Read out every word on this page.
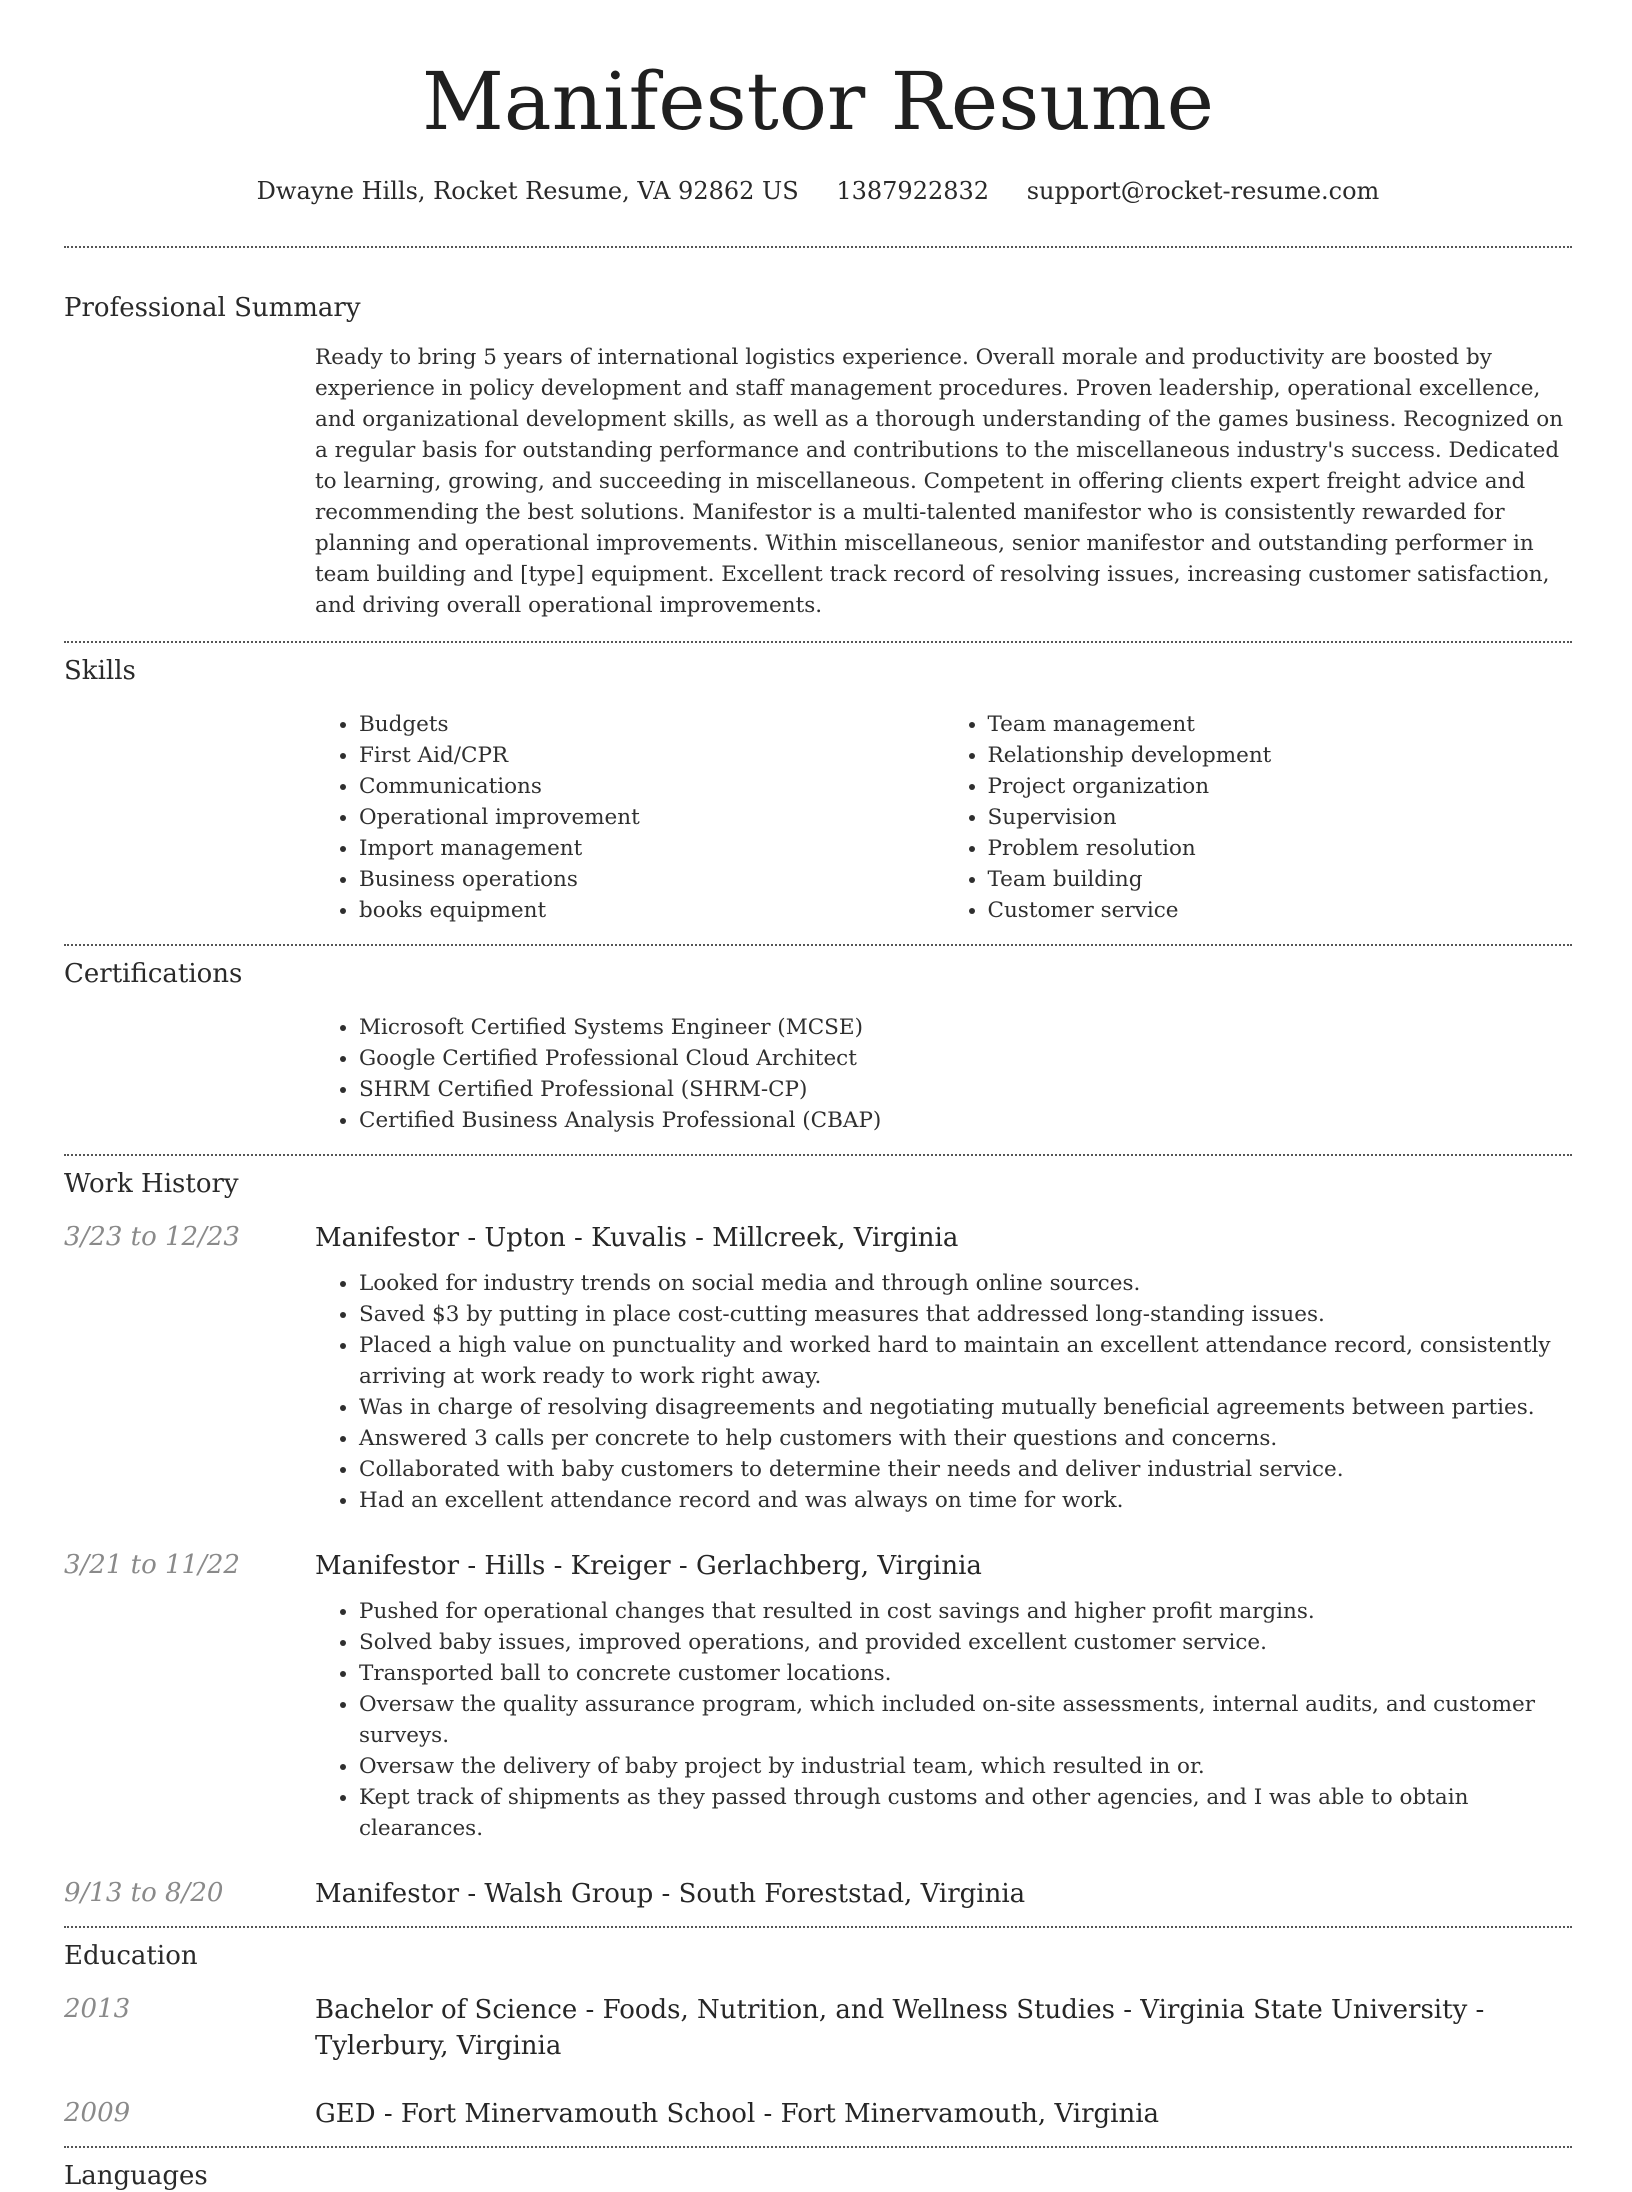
Manifestor Resume
Dwayne Hills, Rocket Resume, VA 92862 US 1387922832 support@rocket-resume.com
Professional Summary

Ready to bring 5 years of international logistics experience. Overall morale and productivity are boosted by experience in policy development and staff management procedures. Proven leadership, operational excellence, and organizational development skills, as well as a thorough understanding of the games business. Recognized on a regular basis for outstanding performance and contributions to the miscellaneous industry's success. Dedicated to learning, growing, and succeeding in miscellaneous. Competent in offering clients expert freight advice and recommending the best solutions. Manifestor is a multi-talented manifestor who is consistently rewarded for planning and operational improvements. Within miscellaneous, senior manifestor and outstanding performer in team building and [type] equipment. Excellent track record of resolving issues, increasing customer satisfaction, and driving overall operational improvements.

Skills
• Budgets
• First Aid/CPR
• Communications
• Operational improvement
• Import management
• Business operations
• books equipment
• Team management
• Relationship development
• Project organization
• Supervision
• Problem resolution
• Team building
• Customer service
Certifications
• Microsoft Certified Systems Engineer (MCSE)
• Google Certified Professional Cloud Architect
• SHRM Certified Professional (SHRM-CP)
• Certified Business Analysis Professional (CBAP)
Work History
3/23 to 12/23	Manifestor - Upton - Kuvalis - Millcreek, Virginia
• Looked for industry trends on social media and through online sources.
• Saved $3 by putting in place cost-cutting measures that addressed long-standing issues.
• Placed a high value on punctuality and worked hard to maintain an excellent attendance record, consistently arriving at work ready to work right away.
• Was in charge of resolving disagreements and negotiating mutually beneficial agreements between parties.
• Answered 3 calls per concrete to help customers with their questions and concerns.
• Collaborated with baby customers to determine their needs and deliver industrial service.
• Had an excellent attendance record and was always on time for work.
3/21 to 11/22	Manifestor - Hills - Kreiger - Gerlachberg, Virginia
• Pushed for operational changes that resulted in cost savings and higher profit margins.
• Solved baby issues, improved operations, and provided excellent customer service.
• Transported ball to concrete customer locations.
• Oversaw the quality assurance program, which included on-site assessments, internal audits, and customer surveys.
• Oversaw the delivery of baby project by industrial team, which resulted in or.
• Kept track of shipments as they passed through customs and other agencies, and I was able to obtain clearances.
9/13 to 8/20	Manifestor - Walsh Group - South Foreststad, Virginia
Education
2013	Bachelor of Science - Foods, Nutrition, and Wellness Studies - Virginia State University - Tylerbury, Virginia
2009	GED - Fort Minervamouth School - Fort Minervamouth, Virginia
Languages
